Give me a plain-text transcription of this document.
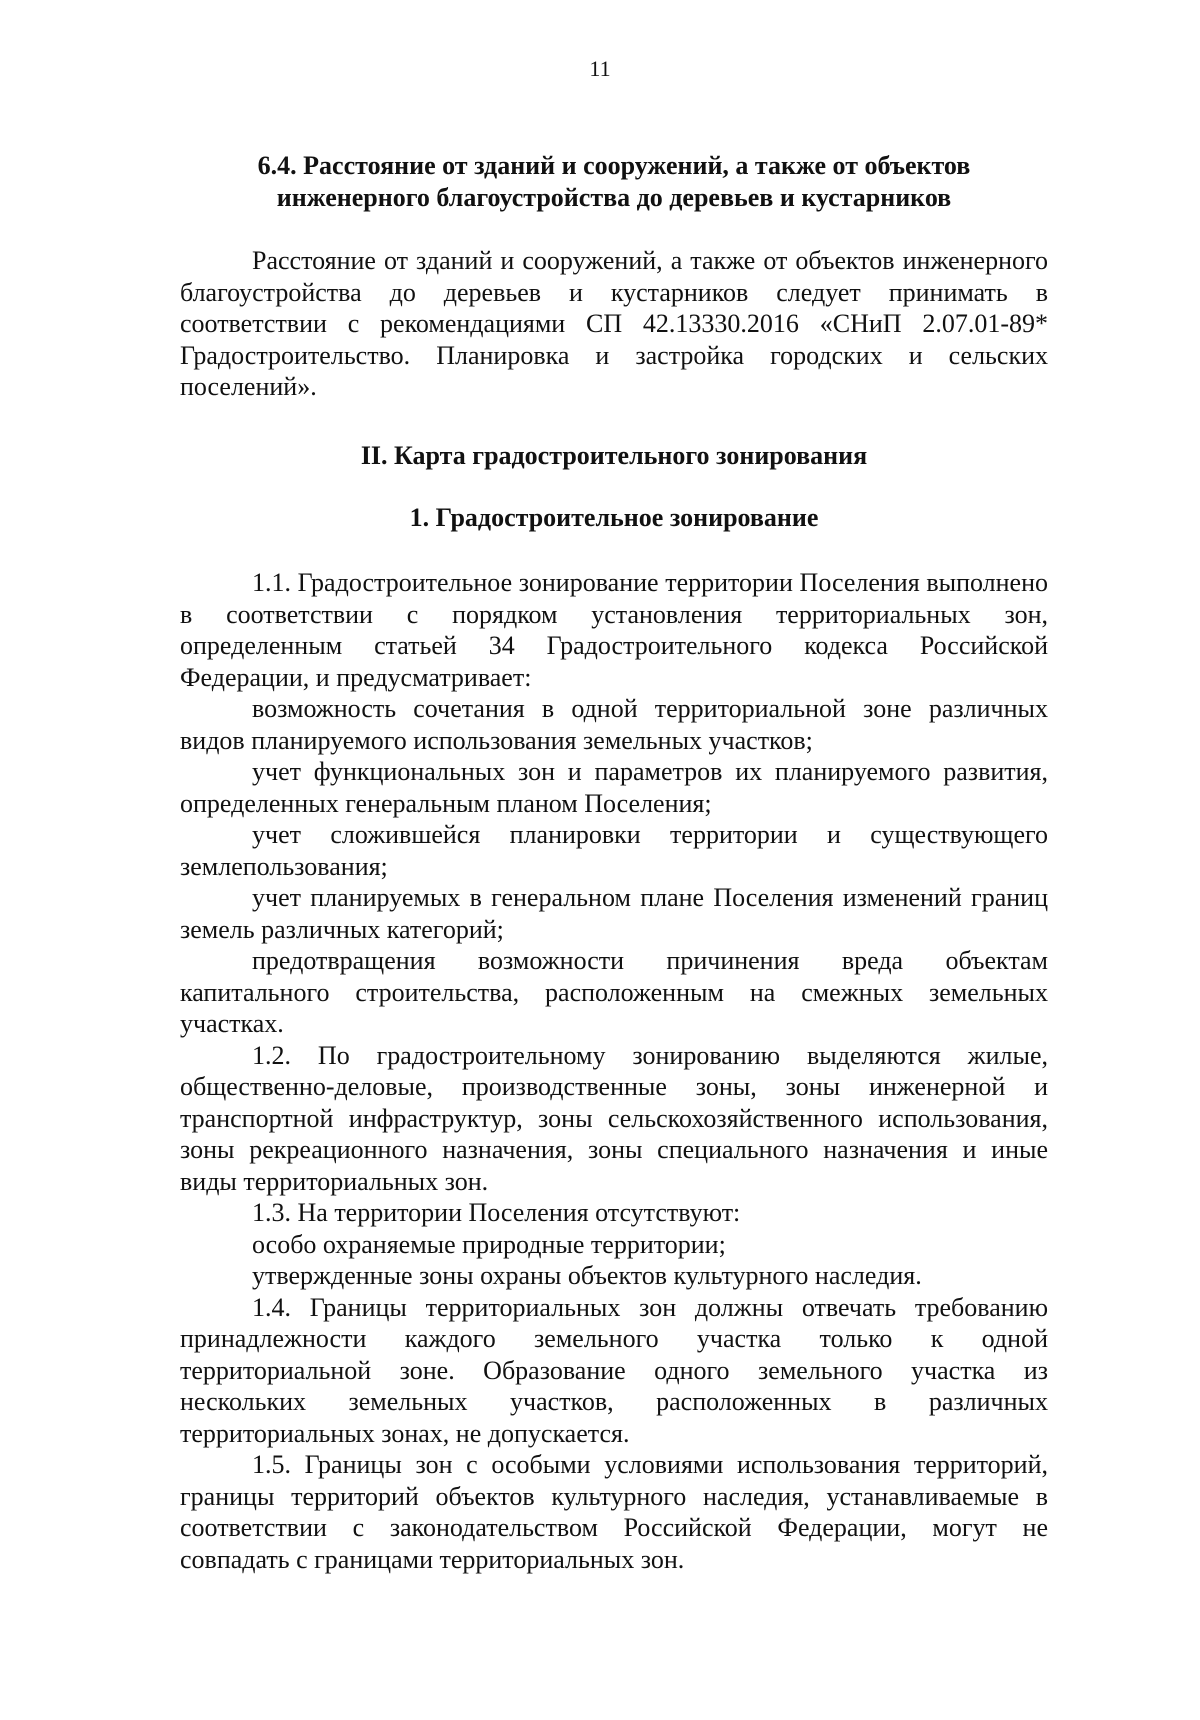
11
6.4. Расстояние от зданий и сооружений, а также от объектов
инженерного благоустройства до деревьев и кустарников

Расстояние от зданий и сооружений, а также от объектов инженерного благоустройства до деревьев и кустарников следует принимать в соответствии с рекомендациями СП 42.13330.2016 «СНиП 2.07.01-89* Градостроительство. Планировка и застройка городских и сельских поселений».

II. Карта градостроительного зонирования
1. Градостроительное зонирование

1.1. Градостроительное зонирование территории Поселения выполнено в соответствии с порядком установления территориальных зон, определенным статьей 34 Градостроительного кодекса Российской Федерации, и предусматривает:

возможность сочетания в одной территориальной зоне различных видов планируемого использования земельных участков;

учет функциональных зон и параметров их планируемого развития, определенных генеральным планом Поселения;

учет сложившейся планировки территории и существующего землепользования;

учет планируемых в генеральном плане Поселения изменений границ земель различных категорий;

предотвращения возможности причинения вреда объектам капитального строительства, расположенным на смежных земельных участках.

1.2. По градостроительному зонированию выделяются жилые, общественно-деловые, производственные зоны, зоны инженерной и транспортной инфраструктур, зоны сельскохозяйственного использования, зоны рекреационного назначения, зоны специального назначения и иные виды территориальных зон.

1.3. На территории Поселения отсутствуют:

особо охраняемые природные территории;

утвержденные зоны охраны объектов культурного наследия.

1.4. Границы территориальных зон должны отвечать требованию принадлежности каждого земельного участка только к одной территориальной зоне. Образование одного земельного участка из нескольких земельных участков, расположенных в различных территориальных зонах, не допускается.

1.5. Границы зон с особыми условиями использования территорий, границы территорий объектов культурного наследия, устанавливаемые в соответствии с законодательством Российской Федерации, могут не совпадать с границами территориальных зон.
